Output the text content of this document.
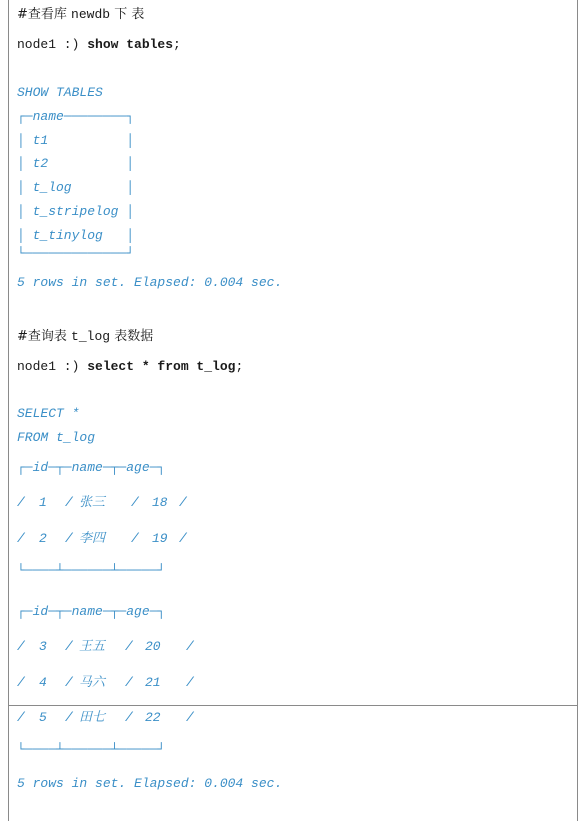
#查看库 newdb 下 表
node1 :) show tables;
SHOW TABLES
┌─name────────┐
│ t1          │
│ t2          │
│ t_log       │
│ t_stripelog │
│ t_tinylog   │
└─────────────┘
5 rows in set. Elapsed: 0.004 sec.
#查询表 t_log 表数据
node1 :) select * from t_log;
SELECT *
FROM t_log
┌─id─┬─name─┬─age─┐
/ 1 / 张三 / 18 /
/ 2 / 李四 / 19 /
└────┴──────┴─────┘
┌─id─┬─name─┬─age─┐
/ 3 / 王五 / 20 /
/ 4 / 马六 / 21 /
/ 5 / 田七 / 22 /
└────┴──────┴─────┘
5 rows in set. Elapsed: 0.004 sec.
